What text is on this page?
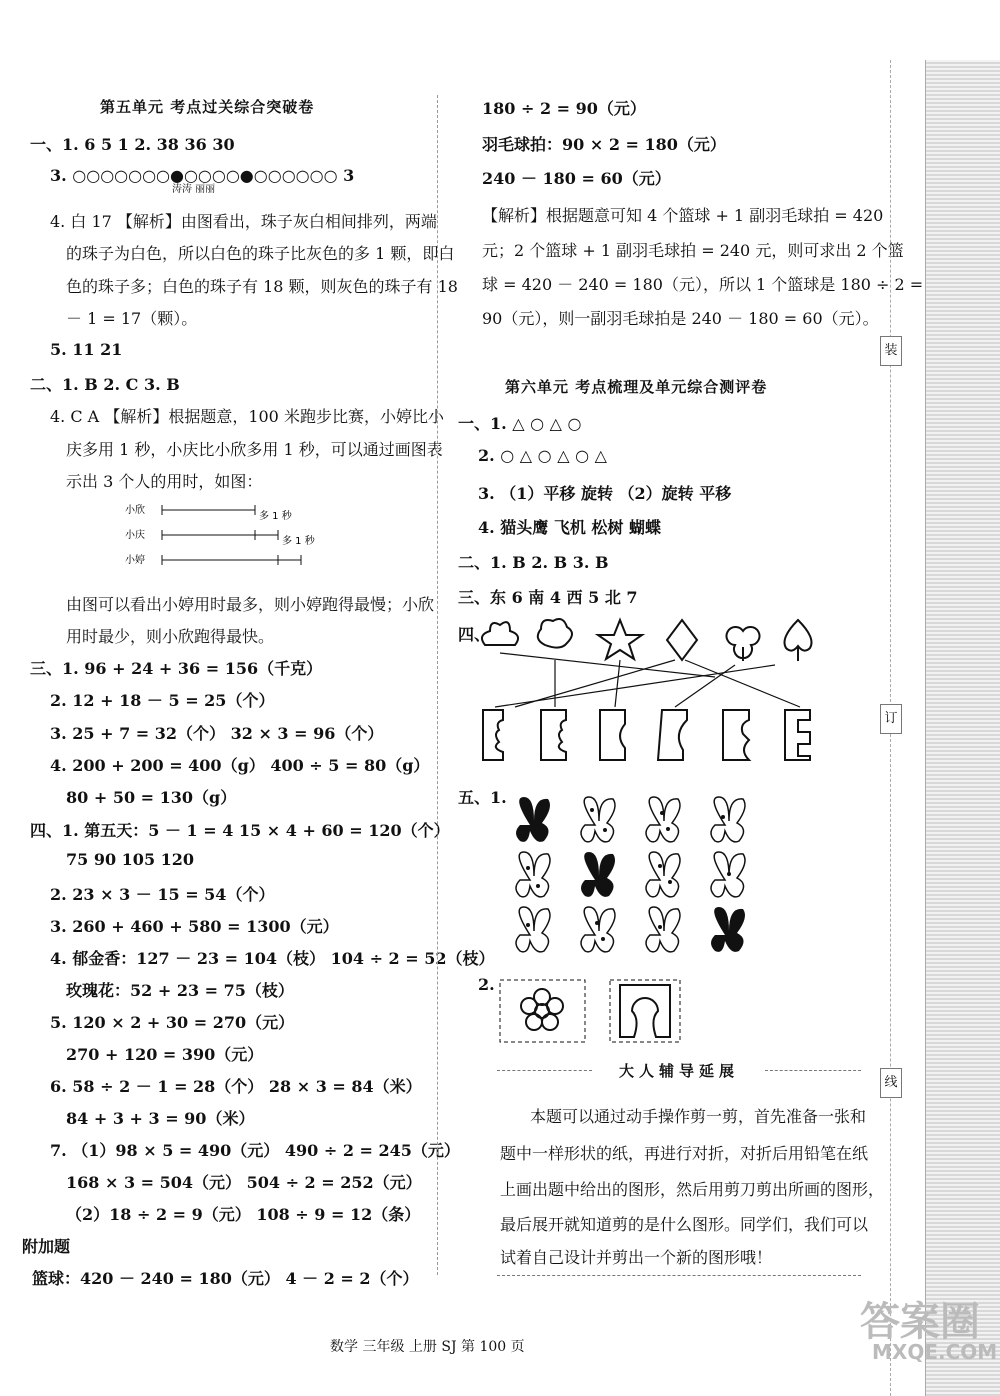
第五单元 考点过关综合突破卷
一、1. 6 5 1 2. 38 36 30
3. ○○○○○○○●○○○○●○○○○○○ 3
涛涛 丽丽
4. 白 17 【解析】由图看出，珠子灰白相间排列，两端
的珠子为白色，所以白色的珠子比灰色的多 1 颗，即白
色的珠子多；白色的珠子有 18 颗，则灰色的珠子有 18
－ 1 = 17（颗）。
5. 11 21
二、1. B 2. C 3. B
4. C A 【解析】根据题意，100 米跑步比赛，小婷比小
庆多用 1 秒，小庆比小欣多用 1 秒，可以通过画图表
示出 3 个人的用时，如图：
小欣
小庆
小婷
多 1 秒
多 1 秒
由图可以看出小婷用时最多，则小婷跑得最慢；小欣
用时最少，则小欣跑得最快。
三、1. 96 + 24 + 36 = 156（千克）
2. 12 + 18 － 5 = 25（个）
3. 25 + 7 = 32（个） 32 × 3 = 96（个）
4. 200 + 200 = 400（g） 400 ÷ 5 = 80（g）
80 + 50 = 130（g）
四、1. 第五天：5 － 1 = 4 15 × 4 + 60 = 120（个）
75 90 105 120
2. 23 × 3 － 15 = 54（个）
3. 260 + 460 + 580 = 1300（元）
4. 郁金香：127 － 23 = 104（枝） 104 ÷ 2 = 52（枝）
玫瑰花：52 + 23 = 75（枝）
5. 120 × 2 + 30 = 270（元）
270 + 120 = 390（元）
6. 58 ÷ 2 － 1 = 28（个） 28 × 3 = 84（米）
84 + 3 + 3 = 90（米）
7. （1）98 × 5 = 490（元） 490 ÷ 2 = 245（元）
168 × 3 = 504（元） 504 ÷ 2 = 252（元）
（2）18 ÷ 2 = 9（元） 108 ÷ 9 = 12（条）
附加题
篮球：420 － 240 = 180（元） 4 － 2 = 2（个）
180 ÷ 2 = 90（元）
羽毛球拍：90 × 2 = 180（元）
240 － 180 = 60（元）
【解析】根据题意可知 4 个篮球 + 1 副羽毛球拍 = 420
元；2 个篮球 + 1 副羽毛球拍 = 240 元，则可求出 2 个篮
球 = 420 － 240 = 180（元），所以 1 个篮球是 180 ÷ 2 =
90（元），则一副羽毛球拍是 240 － 180 = 60（元）。
第六单元 考点梳理及单元综合测评卷
一、1. △ ○ △ ○
2. ○ △ ○ △ ○ △
3. （1）平移 旋转 （2）旋转 平移
4. 猫头鹰 飞机 松树 蝴蝶
二、1. B 2. B 3. B
三、东 6 南 4 西 5 北 7
四、
五、1.
2.
大人辅导延展
本题可以通过动手操作剪一剪，首先准备一张和
题中一样形状的纸，再进行对折，对折后用铅笔在纸
上画出题中给出的图形，然后用剪刀剪出所画的图形，
最后展开就知道剪的是什么图形。同学们，我们可以
试着自己设计并剪出一个新的图形哦！
装
订
线
数学 三年级 上册 SJ 第 100 页
答案圈
MXQE.COM
